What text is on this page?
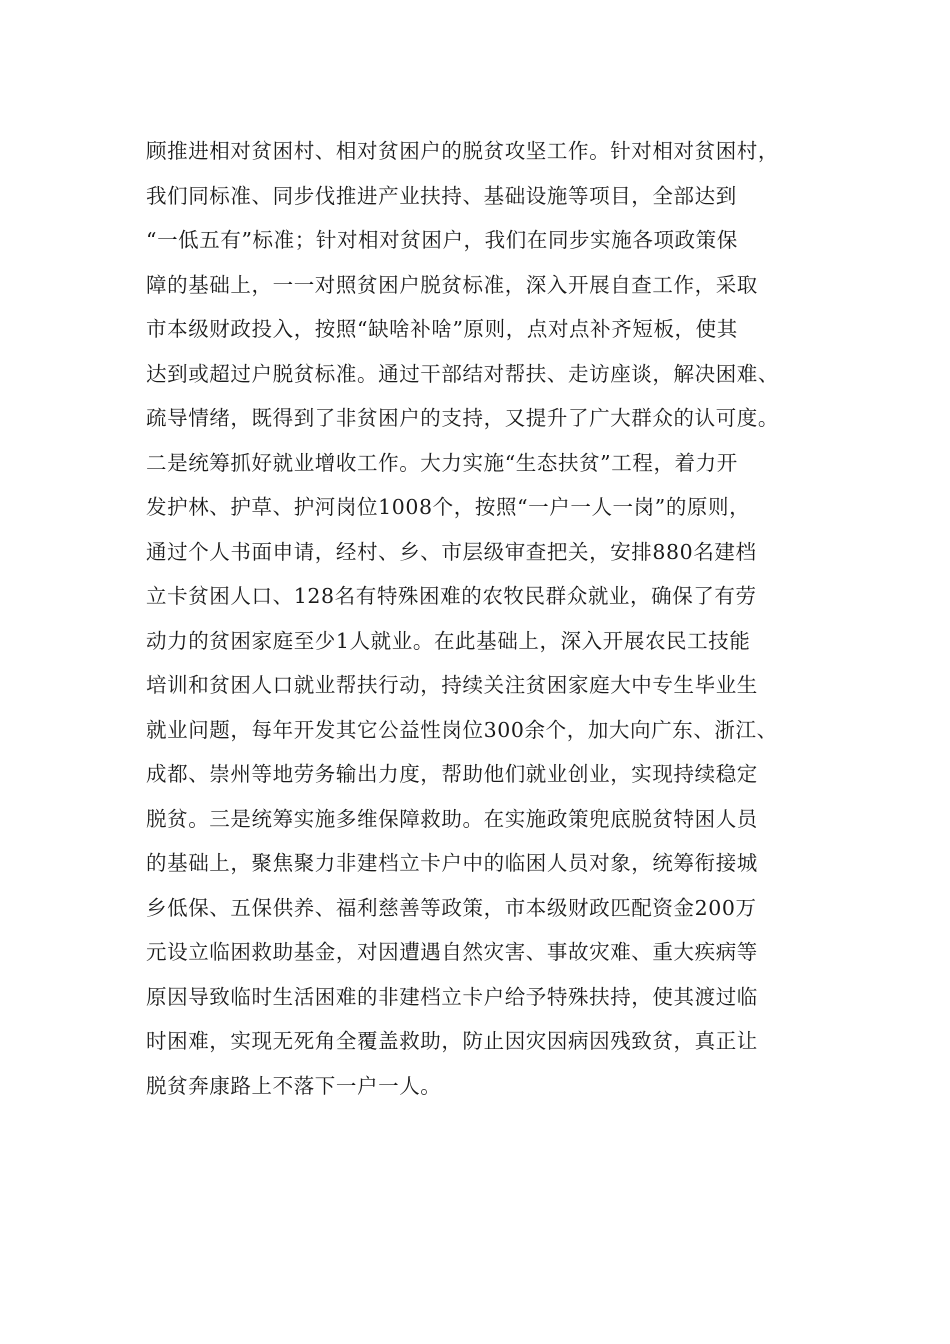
顾推进相对贫困村、相对贫困户的脱贫攻坚工作。针对相对贫困村，
我们同标准、同步伐推进产业扶持、基础设施等项目，全部达到
“一低五有”标准；针对相对贫困户，我们在同步实施各项政策保
障的基础上，一一对照贫困户脱贫标准，深入开展自查工作，采取
市本级财政投入，按照“缺啥补啥”原则，点对点补齐短板，使其
达到或超过户脱贫标准。通过干部结对帮扶、走访座谈，解决困难、
疏导情绪，既得到了非贫困户的支持，又提升了广大群众的认可度。
二是统筹抓好就业增收工作。大力实施“生态扶贫”工程，着力开
发护林、护草、护河岗位1008个，按照“一户一人一岗”的原则，
通过个人书面申请，经村、乡、市层级审查把关，安排880名建档
立卡贫困人口、128名有特殊困难的农牧民群众就业，确保了有劳
动力的贫困家庭至少1人就业。在此基础上，深入开展农民工技能
培训和贫困人口就业帮扶行动，持续关注贫困家庭大中专生毕业生
就业问题，每年开发其它公益性岗位300余个，加大向广东、浙江、
成都、崇州等地劳务输出力度，帮助他们就业创业，实现持续稳定
脱贫。三是统筹实施多维保障救助。在实施政策兜底脱贫特困人员
的基础上，聚焦聚力非建档立卡户中的临困人员对象，统筹衔接城
乡低保、五保供养、福利慈善等政策，市本级财政匹配资金200万
元设立临困救助基金，对因遭遇自然灾害、事故灾难、重大疾病等
原因导致临时生活困难的非建档立卡户给予特殊扶持，使其渡过临
时困难，实现无死角全覆盖救助，防止因灾因病因残致贫，真正让
脱贫奔康路上不落下一户一人。
